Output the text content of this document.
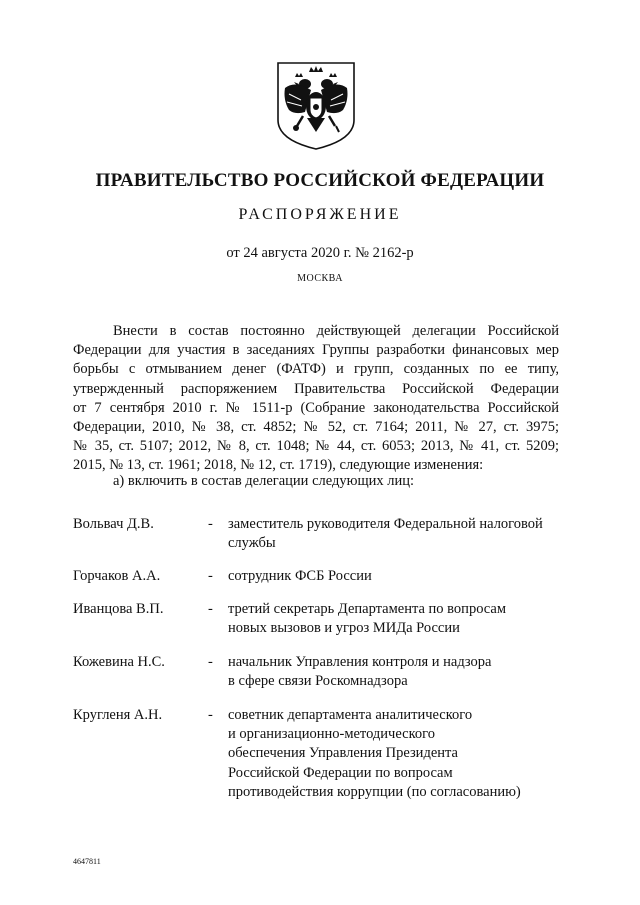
ПРАВИТЕЛЬСТВО РОССИЙСКОЙ ФЕДЕРАЦИИ
РАСПОРЯЖЕНИЕ
от 24 августа 2020 г. № 2162-р
МОСКВА
Внести в состав постоянно действующей делегации Российской
Федерации для участия в заседаниях Группы разработки финансовых мер
борьбы с отмыванием денег (ФАТФ) и групп, созданных по ее типу,
утвержденный распоряжением Правительства Российской Федерации
от 7 сентября 2010 г. № 1511-р (Собрание законодательства Российской
Федерации, 2010, № 38, ст. 4852; № 52, ст. 7164; 2011, № 27, ст. 3975;
№ 35, ст. 5107; 2012, № 8, ст. 1048; № 44, ст. 6053; 2013, № 41, ст. 5209;
2015, № 13, ст. 1961; 2018, № 12, ст. 1719), следующие изменения:
а) включить в состав делегации следующих лиц:
Вольвач Д.В.	- заместитель руководителя Федеральной налоговой
службы
Горчаков А.А.	- сотрудник ФСБ России
Иванцова В.П.	- третий секретарь Департамента по вопросам
новых вызовов и угроз МИДа России
Кожевина Н.С.	- начальник Управления контроля и надзора
в сфере связи Роскомнадзора
Кругленя А.Н.	- советник департамента аналитического
и организационно-методического
обеспечения Управления Президента
Российской Федерации по вопросам
противодействия коррупции (по согласованию)
4647811
